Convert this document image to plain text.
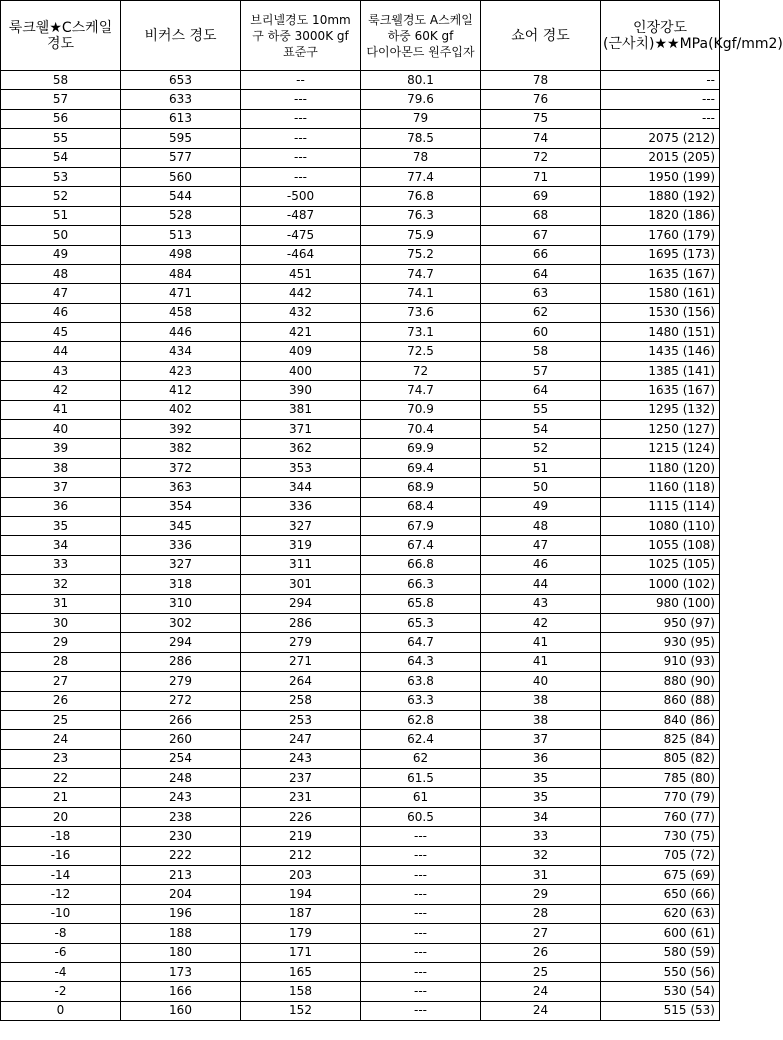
룩크웰★C스케일 경도	비커스 경도	브리넬경도 10mm 구 하중 3000K gf 표준구	룩크웰경도 A스케일 하중 60K gf 다이아몬드 원주입자	쇼어 경도	인장강도(근사치)★★MPa(Kgf/mm2)
58	653	--	80.1	78	--
57	633	---	79.6	76	---
56	613	---	79	75	---
55	595	---	78.5	74	2075 (212)
54	577	---	78	72	2015 (205)
53	560	---	77.4	71	1950 (199)
52	544	-500	76.8	69	1880 (192)
51	528	-487	76.3	68	1820 (186)
50	513	-475	75.9	67	1760 (179)
49	498	-464	75.2	66	1695 (173)
48	484	451	74.7	64	1635 (167)
47	471	442	74.1	63	1580 (161)
46	458	432	73.6	62	1530 (156)
45	446	421	73.1	60	1480 (151)
44	434	409	72.5	58	1435 (146)
43	423	400	72	57	1385 (141)
42	412	390	74.7	64	1635 (167)
41	402	381	70.9	55	1295 (132)
40	392	371	70.4	54	1250 (127)
39	382	362	69.9	52	1215 (124)
38	372	353	69.4	51	1180 (120)
37	363	344	68.9	50	1160 (118)
36	354	336	68.4	49	1115 (114)
35	345	327	67.9	48	1080 (110)
34	336	319	67.4	47	1055 (108)
33	327	311	66.8	46	1025 (105)
32	318	301	66.3	44	1000 (102)
31	310	294	65.8	43	980 (100)
30	302	286	65.3	42	950 (97)
29	294	279	64.7	41	930 (95)
28	286	271	64.3	41	910 (93)
27	279	264	63.8	40	880 (90)
26	272	258	63.3	38	860 (88)
25	266	253	62.8	38	840 (86)
24	260	247	62.4	37	825 (84)
23	254	243	62	36	805 (82)
22	248	237	61.5	35	785 (80)
21	243	231	61	35	770 (79)
20	238	226	60.5	34	760 (77)
-18	230	219	---	33	730 (75)
-16	222	212	---	32	705 (72)
-14	213	203	---	31	675 (69)
-12	204	194	---	29	650 (66)
-10	196	187	---	28	620 (63)
-8	188	179	---	27	600 (61)
-6	180	171	---	26	580 (59)
-4	173	165	---	25	550 (56)
-2	166	158	---	24	530 (54)
0	160	152	---	24	515 (53)
